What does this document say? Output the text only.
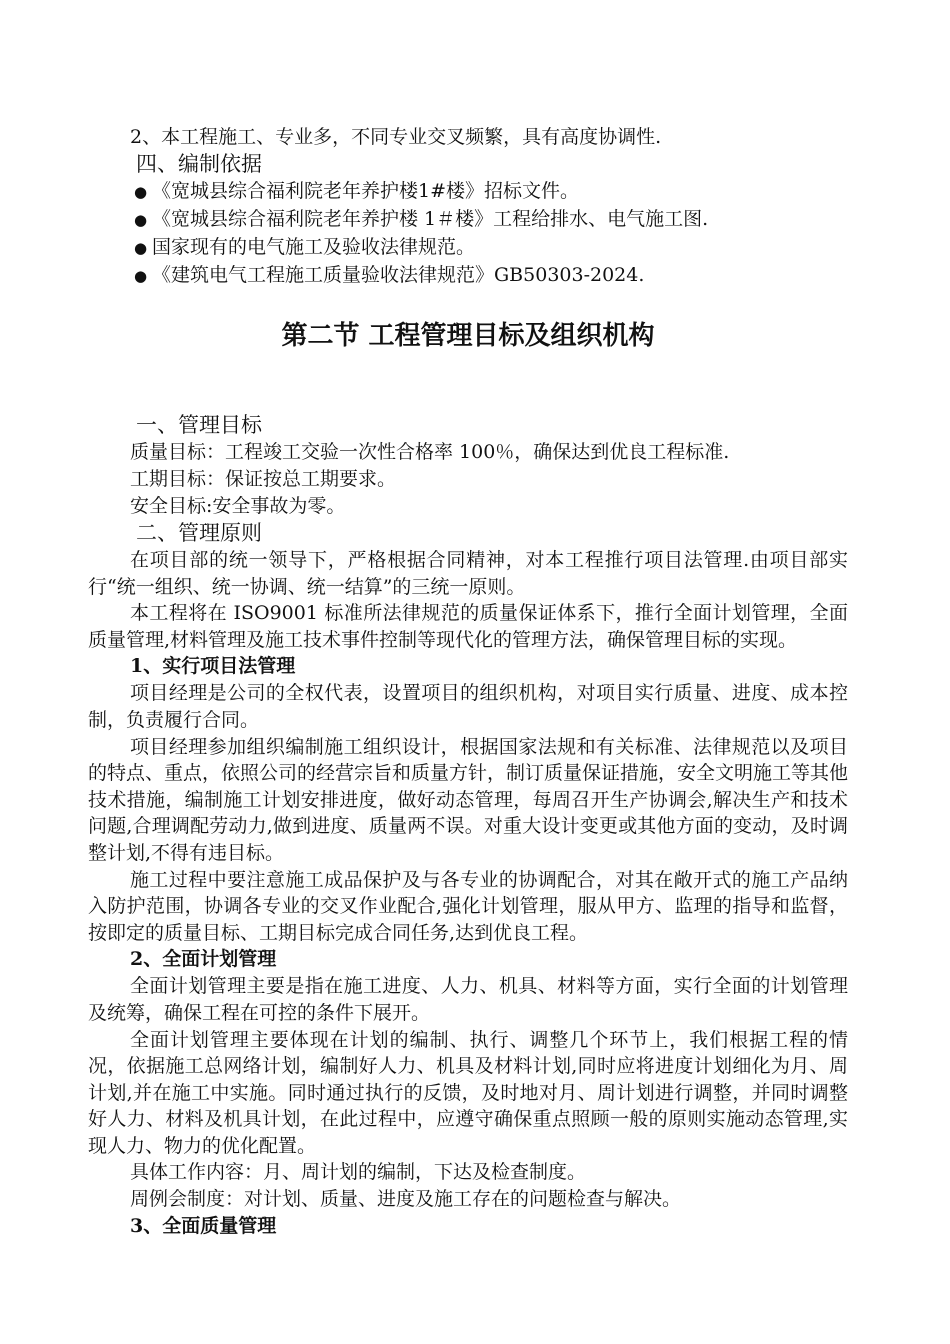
2、本工程施工、专业多，不同专业交叉频繁，具有高度协调性.

四、编制依据

● 《宽城县综合福利院老年养护楼1#楼》招标文件。

● 《宽城县综合福利院老年养护楼 1＃楼》工程给排水、电气施工图.

● 国家现有的电气施工及验收法律规范。

● 《建筑电气工程施工质量验收法律规范》GB50303-2024.

第二节 工程管理目标及组织机构

一、管理目标

质量目标：工程竣工交验一次性合格率 100％，确保达到优良工程标准.

工期目标：保证按总工期要求。

安全目标:安全事故为零。

二、管理原则

在项目部的统一领导下，严格根据合同精神，对本工程推行项目法管理.由项目部实行“统一组织、统一协调、统一结算”的三统一原则。

本工程将在 ISO9001 标准所法律规范的质量保证体系下，推行全面计划管理，全面质量管理,材料管理及施工技术事件控制等现代化的管理方法，确保管理目标的实现。

1、实行项目法管理

项目经理是公司的全权代表，设置项目的组织机构，对项目实行质量、进度、成本控制，负责履行合同。

项目经理参加组织编制施工组织设计，根据国家法规和有关标准、法律规范以及项目的特点、重点，依照公司的经营宗旨和质量方针，制订质量保证措施，安全文明施工等其他技术措施，编制施工计划安排进度，做好动态管理，每周召开生产协调会,解决生产和技术问题,合理调配劳动力,做到进度、质量两不误。对重大设计变更或其他方面的变动，及时调整计划,不得有违目标。

施工过程中要注意施工成品保护及与各专业的协调配合，对其在敞开式的施工产品纳入防护范围，协调各专业的交叉作业配合,强化计划管理，服从甲方、监理的指导和监督，按即定的质量目标、工期目标完成合同任务,达到优良工程。

2、全面计划管理

全面计划管理主要是指在施工进度、人力、机具、材料等方面，实行全面的计划管理及统筹，确保工程在可控的条件下展开。

全面计划管理主要体现在计划的编制、执行、调整几个环节上，我们根据工程的情况，依据施工总网络计划，编制好人力、机具及材料计划,同时应将进度计划细化为月、周计划,并在施工中实施。同时通过执行的反馈，及时地对月、周计划进行调整，并同时调整好人力、材料及机具计划，在此过程中，应遵守确保重点照顾一般的原则实施动态管理,实现人力、物力的优化配置。

具体工作内容：月、周计划的编制，下达及检查制度。

周例会制度：对计划、质量、进度及施工存在的问题检查与解决。

3、全面质量管理
